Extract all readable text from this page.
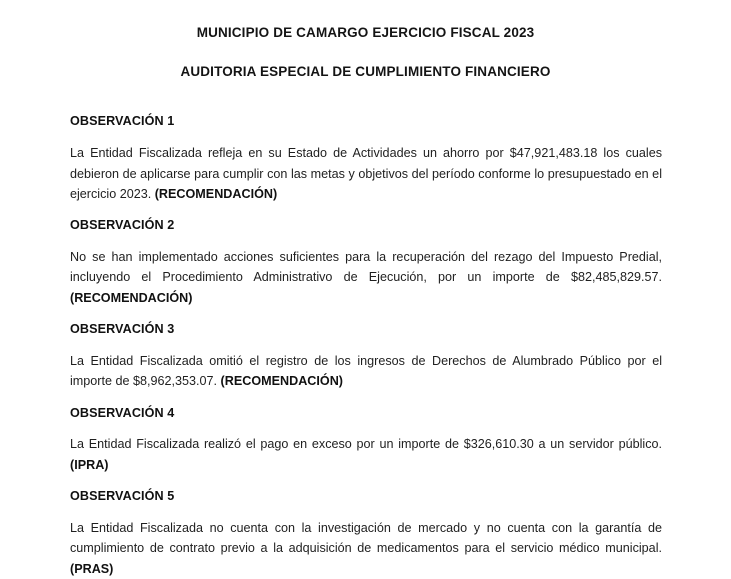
MUNICIPIO DE CAMARGO EJERCICIO FISCAL 2023
AUDITORIA ESPECIAL DE CUMPLIMIENTO FINANCIERO
OBSERVACIÓN 1

La Entidad Fiscalizada refleja en su Estado de Actividades un ahorro por $47,921,483.18 los cuales debieron de aplicarse para cumplir con las metas y objetivos del período conforme lo presupuestado en el ejercicio 2023. (RECOMENDACIÓN)

OBSERVACIÓN 2

No se han implementado acciones suficientes para la recuperación del rezago del Impuesto Predial, incluyendo el Procedimiento Administrativo de Ejecución, por un importe de $82,485,829.57. (RECOMENDACIÓN)

OBSERVACIÓN 3

La Entidad Fiscalizada omitió el registro de los ingresos de Derechos de Alumbrado Público por el importe de $8,962,353.07. (RECOMENDACIÓN)

OBSERVACIÓN 4

La Entidad Fiscalizada realizó el pago en exceso por un importe de $326,610.30 a un servidor público. (IPRA)

OBSERVACIÓN 5

La Entidad Fiscalizada no cuenta con la investigación de mercado y no cuenta con la garantía de cumplimiento de contrato previo a la adquisición de medicamentos para el servicio médico municipal. (PRAS)
